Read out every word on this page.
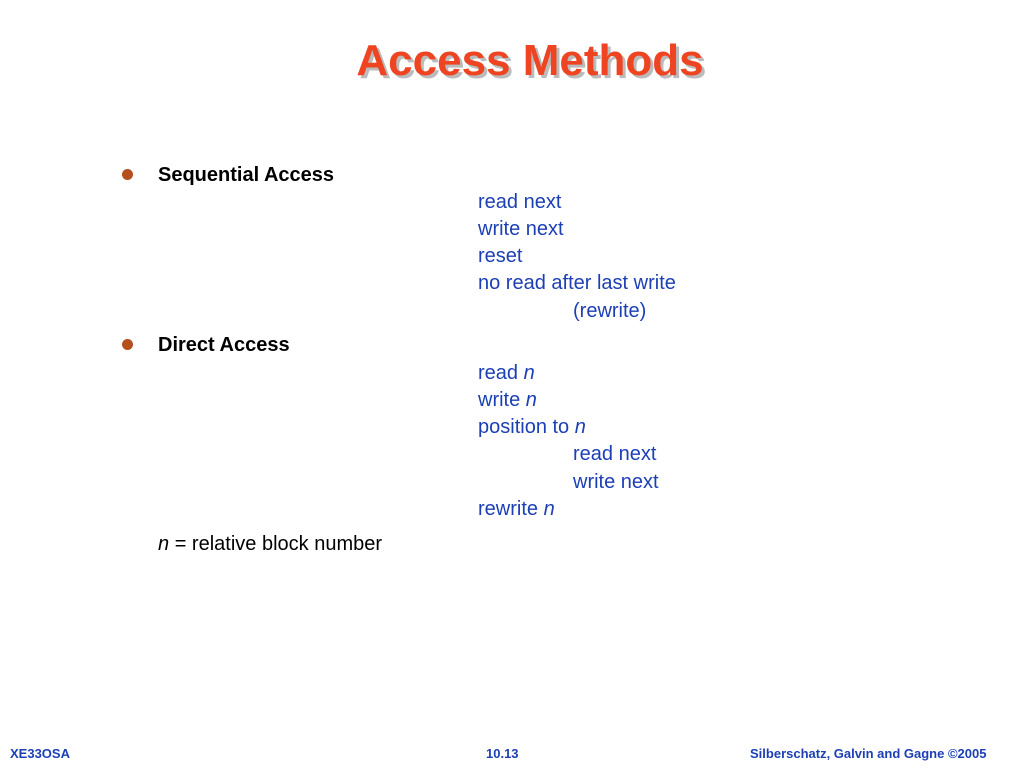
Access Methods
Sequential Access
read next
write next
reset
no read after last write
(rewrite)
Direct Access
read n
write n
position to n
read next
write next
rewrite n
n = relative block number
XE33OSA	10.13	Silberschatz, Galvin and Gagne ©2005
